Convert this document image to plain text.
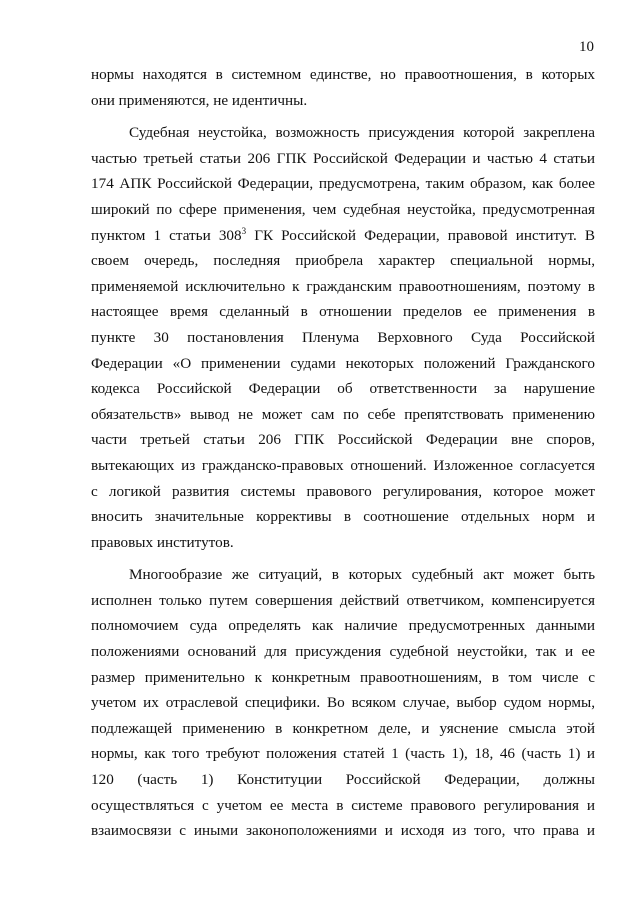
10
нормы находятся в системном единстве, но правоотношения, в которых
они применяются, не идентичны.
Судебная неустойка, возможность присуждения которой закреплена
частью третьей статьи 206 ГПК Российской Федерации и частью 4 статьи
174 АПК Российской Федерации, предусмотрена, таким образом, как более
широкий по сфере применения, чем судебная неустойка, предусмотренная
пунктом 1 статьи $308^3$ ГК Российской Федерации, правовой институт. В
своем очередь, последняя приобрела характер специальной нормы,
применяемой исключительно к гражданским правоотношениям, поэтому в
настоящее время сделанный в отношении пределов ее применения в
пункте 30 постановления Пленума Верховного Суда Российской
Федерации «О применении судами некоторых положений Гражданского
кодекса Российской Федерации об ответственности за нарушение
обязательств» вывод не может сам по себе препятствовать применению
части третьей статьи 206 ГПК Российской Федерации вне споров,
вытекающих из гражданско-правовых отношений. Изложенное согласуется
с логикой развития системы правового регулирования, которое может
вносить значительные коррективы в соотношение отдельных норм и
правовых институтов.
Многообразие же ситуаций, в которых судебный акт может быть
исполнен только путем совершения действий ответчиком, компенсируется
полномочием суда определять как наличие предусмотренных данными
положениями оснований для присуждения судебной неустойки, так и ее
размер применительно к конкретным правоотношениям, в том числе с
учетом их отраслевой специфики. Во всяком случае, выбор судом нормы,
подлежащей применению в конкретном деле, и уяснение смысла этой
нормы, как того требуют положения статей 1 (часть 1), 18, 46 (часть 1) и
120 (часть 1) Конституции Российской Федерации, должны
осуществляться с учетом ее места в системе правового регулирования и
взаимосвязи с иными законоположениями и исходя из того, что права и
